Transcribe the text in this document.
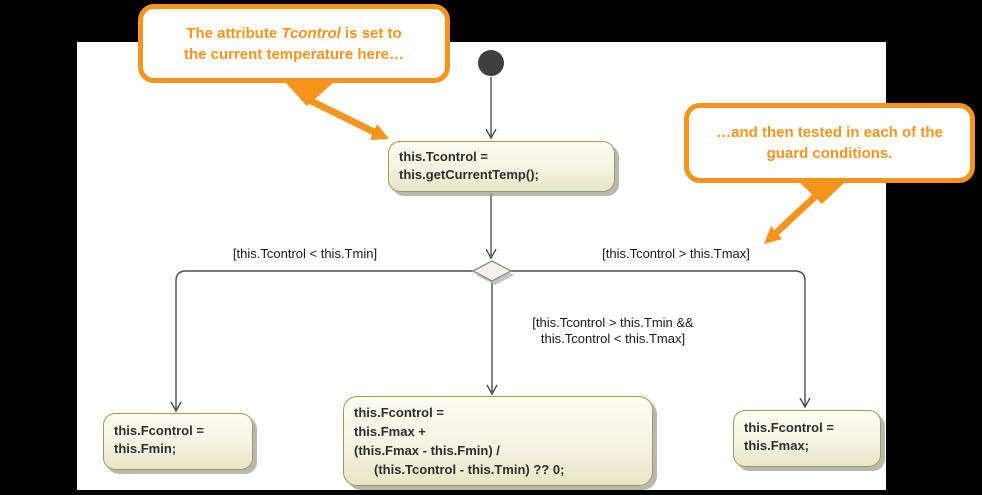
this.Tcontrol =
this.getCurrentTemp();
this.Fcontrol =
this.Fmin;
this.Fcontrol =
this.Fmax +
(this.Fmax - this.Fmin) /
(this.Tcontrol - this.Tmin) ?? 0;
this.Fcontrol =
this.Fmax;
[this.Tcontrol < this.Tmin]	[this.Tcontrol > this.Tmax]
[this.Tcontrol > this.Tmin &&
this.Tcontrol < this.Tmax]
The attribute Tcontrol is set to
the current temperature here…
…and then tested in each of the
guard conditions.
